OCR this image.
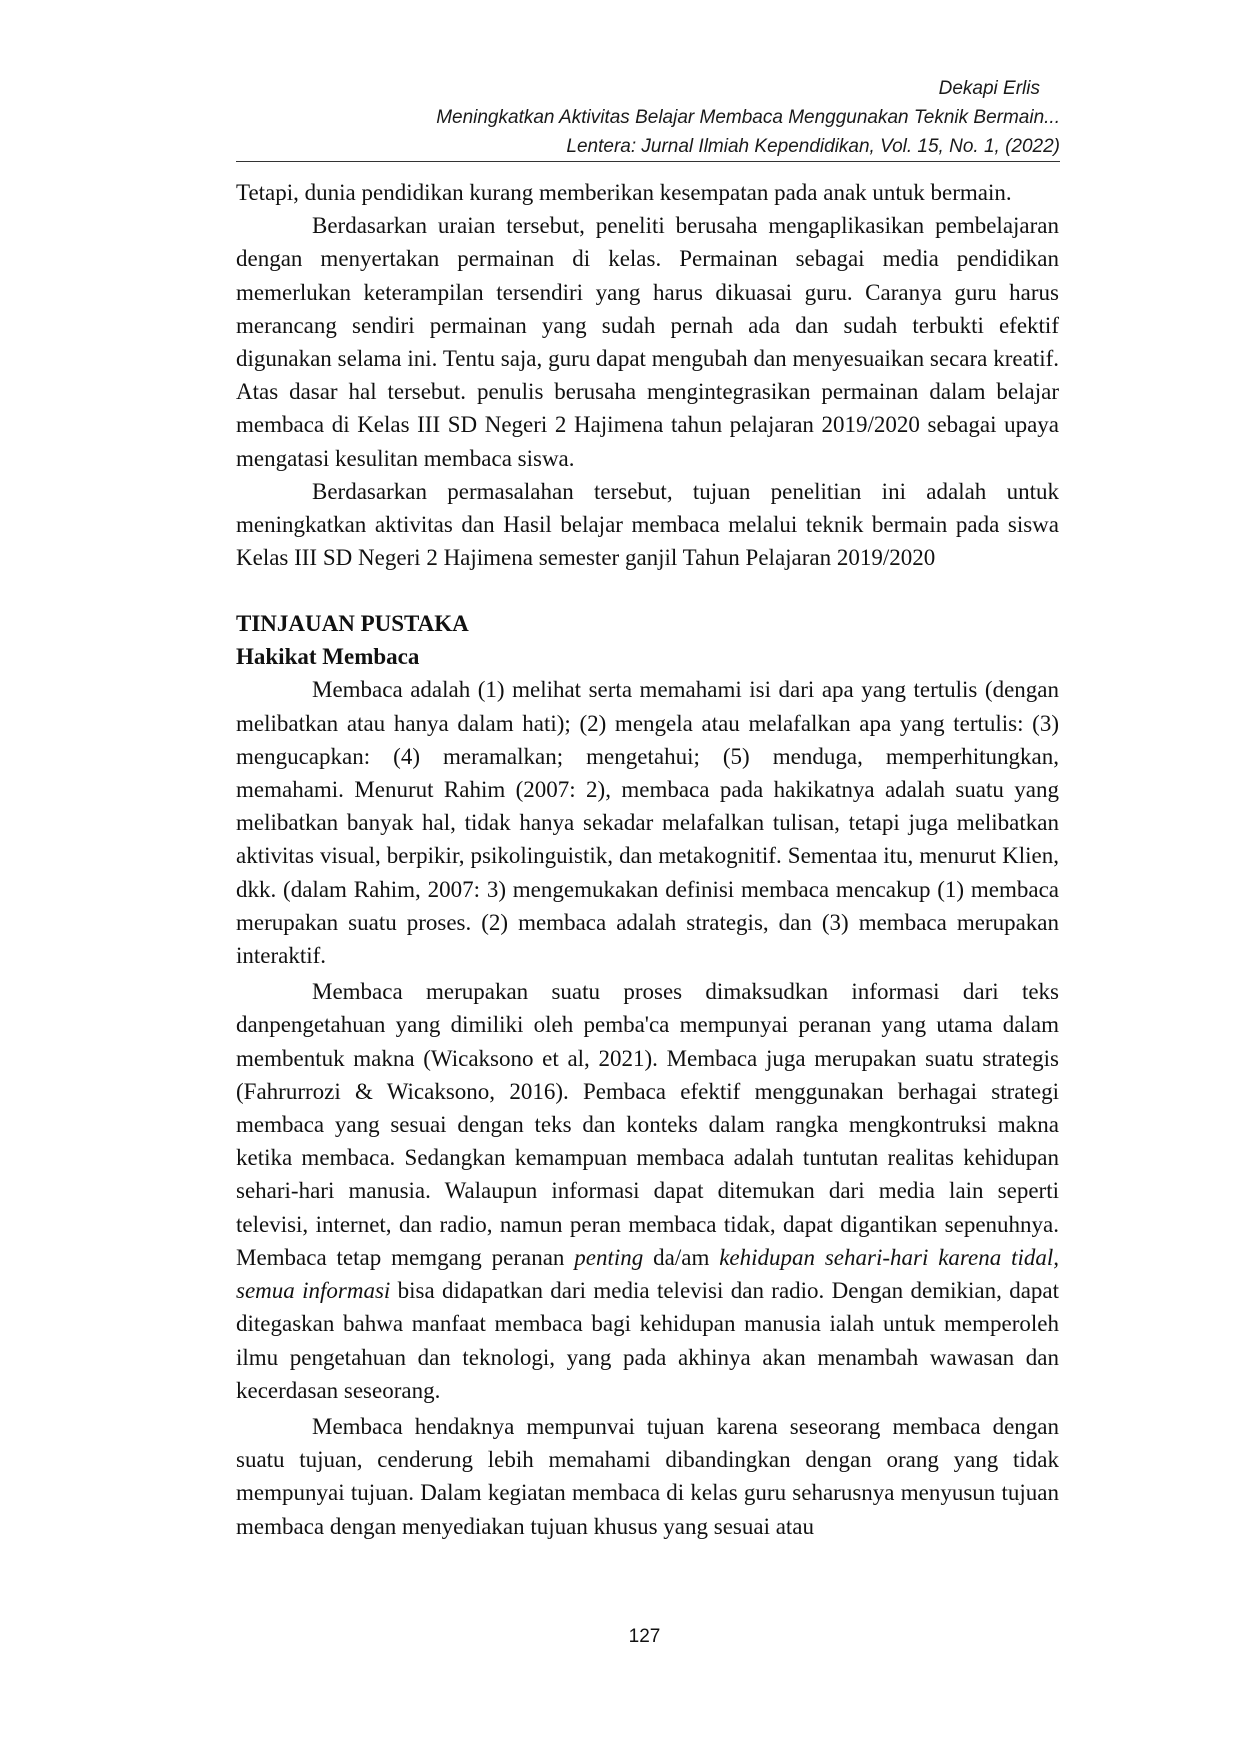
Dekapi Erlis
Meningkatkan Aktivitas Belajar Membaca Menggunakan Teknik Bermain...
Lentera: Jurnal Ilmiah Kependidikan, Vol. 15, No. 1, (2022)

Tetapi, dunia pendidikan kurang memberikan kesempatan pada anak untuk bermain.

Berdasarkan uraian tersebut, peneliti berusaha mengaplikasikan pembelajaran dengan menyertakan permainan di kelas. Permainan sebagai media pendidikan memerlukan keterampilan tersendiri yang harus dikuasai guru. Caranya guru harus merancang sendiri permainan yang sudah pernah ada dan sudah terbukti efektif digunakan selama ini. Tentu saja, guru dapat mengubah dan menyesuaikan secara kreatif. Atas dasar hal tersebut. penulis berusaha mengintegrasikan permainan dalam belajar membaca di Kelas III SD Negeri 2 Hajimena tahun pelajaran 2019/2020 sebagai upaya mengatasi kesulitan membaca siswa.

Berdasarkan permasalahan tersebut, tujuan penelitian ini adalah untuk meningkatkan aktivitas dan Hasil belajar membaca melalui teknik bermain pada siswa Kelas III SD Negeri 2 Hajimena semester ganjil Tahun Pelajaran 2019/2020

TINJAUAN PUSTAKA
Hakikat Membaca

Membaca adalah (1) melihat serta memahami isi dari apa yang tertulis (dengan melibatkan atau hanya dalam hati); (2) mengela atau melafalkan apa yang tertulis: (3) mengucapkan: (4) meramalkan; mengetahui; (5) menduga, memperhitungkan, memahami. Menurut Rahim (2007: 2), membaca pada hakikatnya adalah suatu yang melibatkan banyak hal, tidak hanya sekadar melafalkan tulisan, tetapi juga melibatkan aktivitas visual, berpikir, psikolinguistik, dan metakognitif. Sementaa itu, menurut Klien, dkk. (dalam Rahim, 2007: 3) mengemukakan definisi membaca mencakup (1) membaca merupakan suatu proses. (2) membaca adalah strategis, dan (3) membaca merupakan interaktif.

Membaca merupakan suatu proses dimaksudkan informasi dari teks danpengetahuan yang dimiliki oleh pemba'ca mempunyai peranan yang utama dalam membentuk makna (Wicaksono et al, 2021). Membaca juga merupakan suatu strategis (Fahrurrozi & Wicaksono, 2016). Pembaca efektif menggunakan berhagai strategi membaca yang sesuai dengan teks dan konteks dalam rangka mengkontruksi makna ketika membaca. Sedangkan kemampuan membaca adalah tuntutan realitas kehidupan sehari-hari manusia. Walaupun informasi dapat ditemukan dari media lain seperti televisi, internet, dan radio, namun peran membaca tidak, dapat digantikan sepenuhnya. Membaca tetap memgang peranan penting da/am kehidupan sehari-hari karena tidal, semua informasi bisa didapatkan dari media televisi dan radio. Dengan demikian, dapat ditegaskan bahwa manfaat membaca bagi kehidupan manusia ialah untuk memperoleh ilmu pengetahuan dan teknologi, yang pada akhinya akan menambah wawasan dan kecerdasan seseorang.

Membaca hendaknya mempunvai tujuan karena seseorang membaca dengan suatu tujuan, cenderung lebih memahami dibandingkan dengan orang yang tidak mempunyai tujuan. Dalam kegiatan membaca di kelas guru seharusnya menyusun tujuan membaca dengan menyediakan tujuan khusus yang sesuai atau

127
